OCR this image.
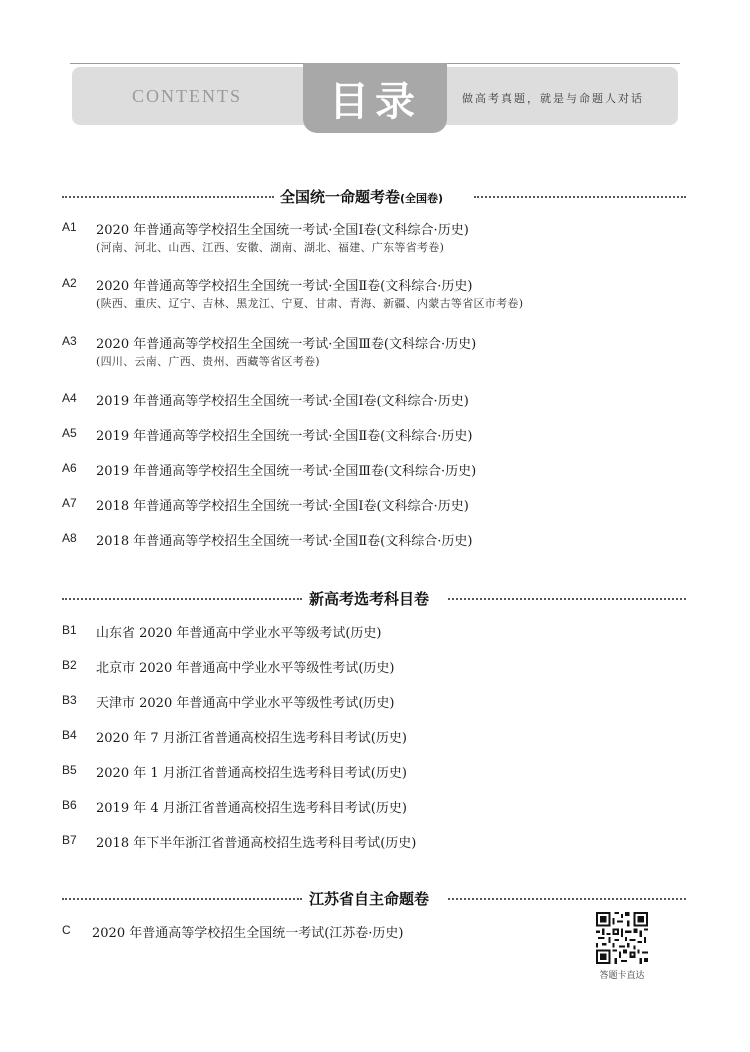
CONTENTS	目录	做高考真题，就是与命题人对话
全国统一命题考卷(全国卷)
A1 2020 年普通高等学校招生全国统一考试·全国Ⅰ卷(文科综合·历史)
(河南、河北、山西、江西、安徽、湖南、湖北、福建、广东等省考卷)
A2 2020 年普通高等学校招生全国统一考试·全国Ⅱ卷(文科综合·历史)
(陕西、重庆、辽宁、吉林、黑龙江、宁夏、甘肃、青海、新疆、内蒙古等省区市考卷)
A3 2020 年普通高等学校招生全国统一考试·全国Ⅲ卷(文科综合·历史)
(四川、云南、广西、贵州、西藏等省区考卷)
A4 2019 年普通高等学校招生全国统一考试·全国Ⅰ卷(文科综合·历史)
A5 2019 年普通高等学校招生全国统一考试·全国Ⅱ卷(文科综合·历史)
A6 2019 年普通高等学校招生全国统一考试·全国Ⅲ卷(文科综合·历史)
A7 2018 年普通高等学校招生全国统一考试·全国Ⅰ卷(文科综合·历史)
A8 2018 年普通高等学校招生全国统一考试·全国Ⅱ卷(文科综合·历史)
新高考选考科目卷
B1 山东省 2020 年普通高中学业水平等级考试(历史)
B2 北京市 2020 年普通高中学业水平等级性考试(历史)
B3 天津市 2020 年普通高中学业水平等级性考试(历史)
B4 2020 年 7 月浙江省普通高校招生选考科目考试(历史)
B5 2020 年 1 月浙江省普通高校招生选考科目考试(历史)
B6 2019 年 4 月浙江省普通高校招生选考科目考试(历史)
B7 2018 年下半年浙江省普通高校招生选考科目考试(历史)
江苏省自主命题卷
C 2020 年普通高等学校招生全国统一考试(江苏卷·历史)
答题卡直达
